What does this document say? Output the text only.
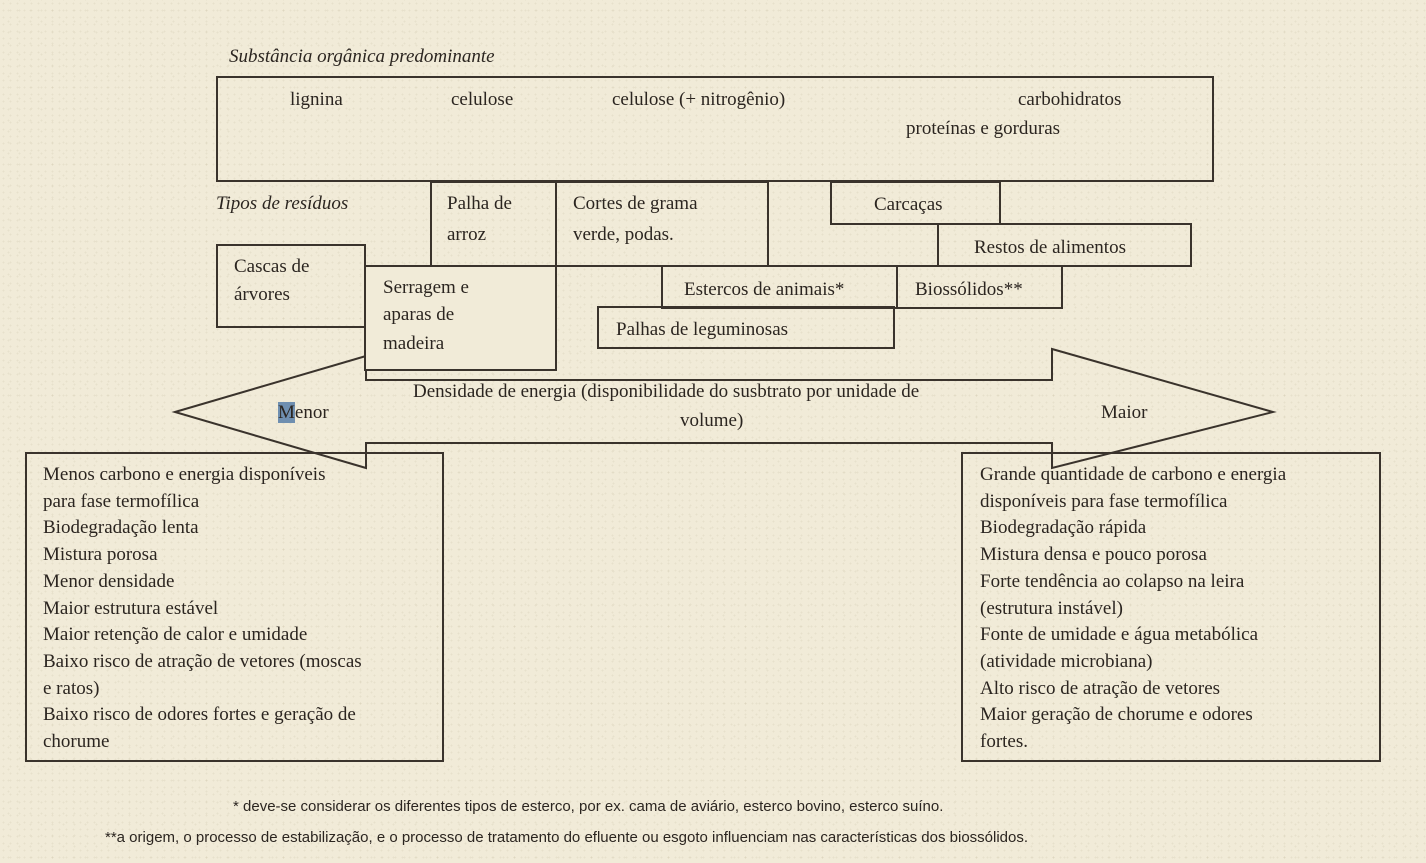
Substância orgânica predominante
lignina	celulose	celulose (+ nitrogênio)	carbohidratos
proteínas e gorduras
Tipos de resíduos	Palha de
arroz
Cortes de grama
verde, podas.
Carcaças
Restos de alimentos
Cascas de
árvores	Serragem e
aparas de
madeira
Estercos de animais*	Biossólidos**
Palhas de leguminosas
Menor	Maior
Densidade de energia (disponibilidade do susbtrato por unidade de
volume)
Menos carbono e energia disponíveis
para fase termofílica
Biodegradação lenta
Mistura porosa
Menor densidade
Maior estrutura estável
Maior retenção de calor e umidade
Baixo risco de atração de vetores (moscas
e ratos)
Baixo risco de odores fortes e geração de
chorume
Grande quantidade de carbono e energia
disponíveis para fase termofílica
Biodegradação rápida
Mistura densa e pouco porosa
Forte tendência ao colapso na leira
(estrutura instável)
Fonte de umidade e água metabólica
(atividade microbiana)
Alto risco de atração de vetores
Maior geração de chorume e odores
fortes.
* deve-se considerar os diferentes tipos de esterco, por ex. cama de aviário, esterco bovino, esterco suíno.
**a origem, o processo de estabilização, e o processo de tratamento do efluente ou esgoto influenciam nas características dos biossólidos.
